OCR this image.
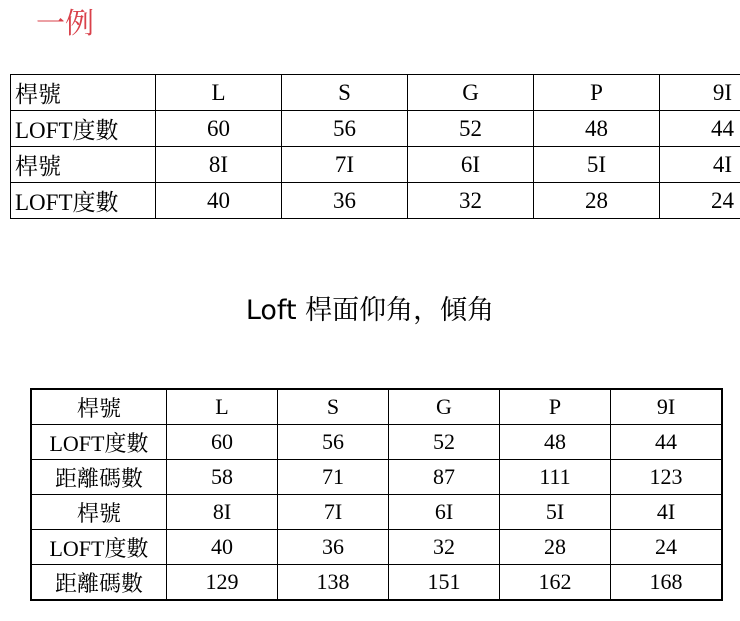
一例
桿號	L	S	G	P	9I
LOFT度數	60	56	52	48	44
桿號	8I	7I	6I	5I	4I
LOFT度數	40	36	32	28	24
Loft 桿面仰角，傾角
桿號	L	S	G	P	9I
LOFT度數	60	56	52	48	44
距離碼數	58	71	87	111	123
桿號	8I	7I	6I	5I	4I
LOFT度數	40	36	32	28	24
距離碼數	129	138	151	162	168
